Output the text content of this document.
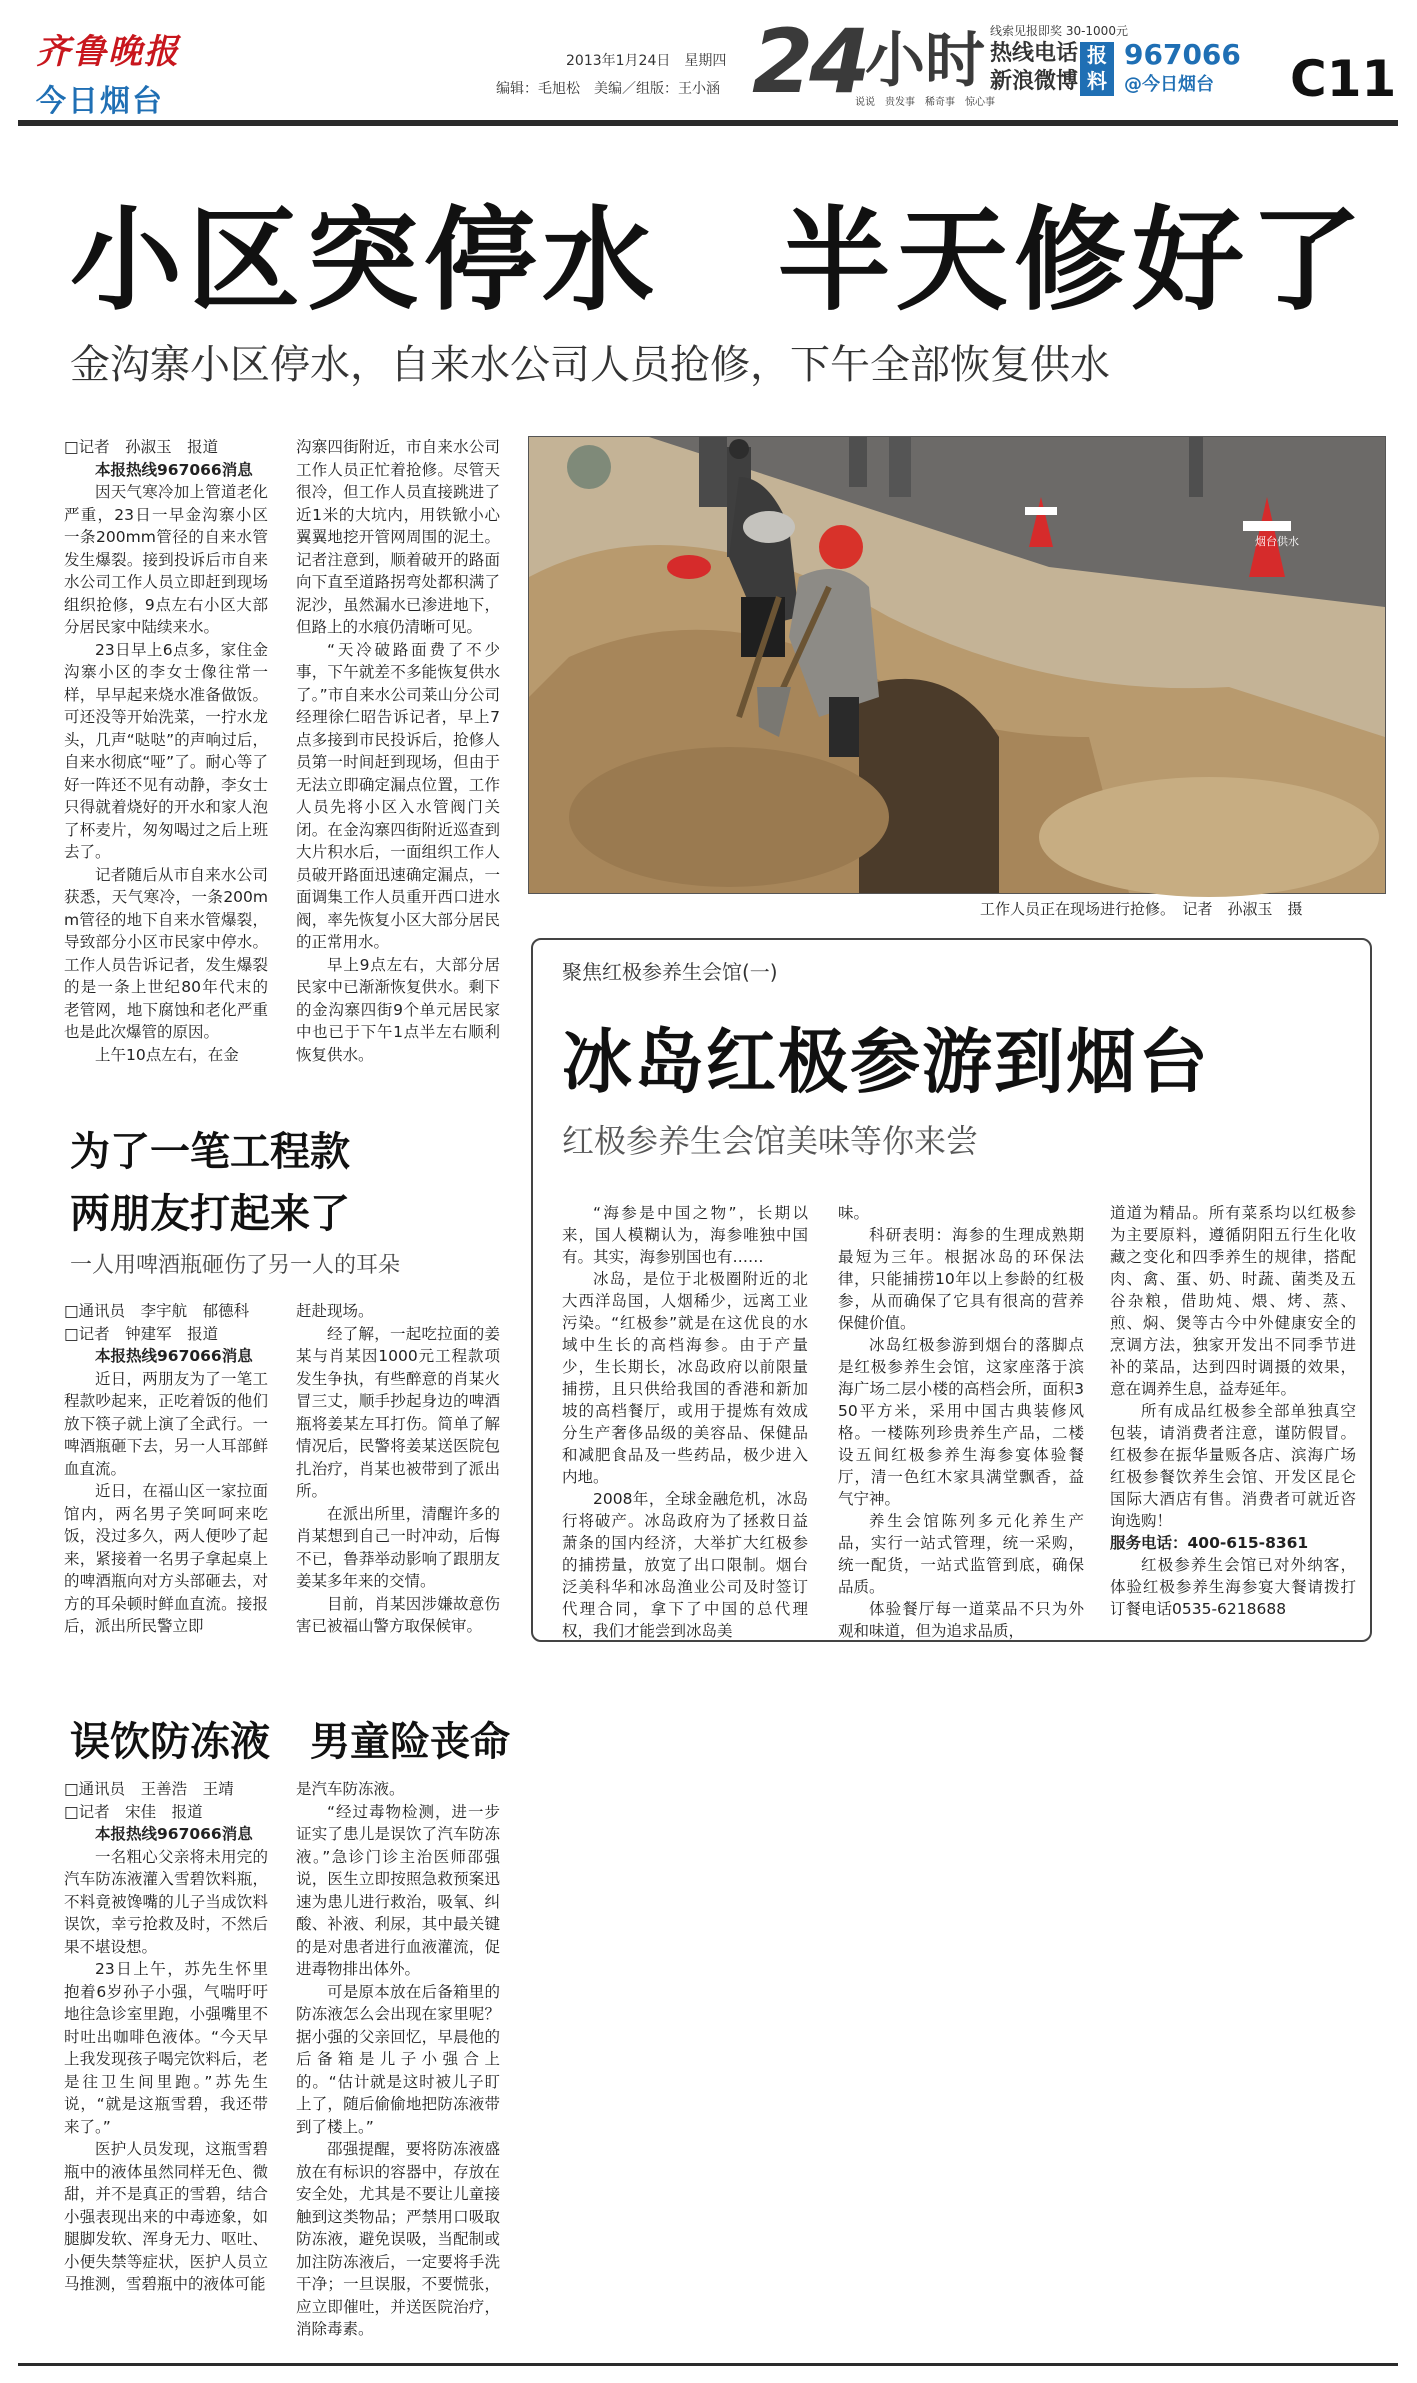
齐鲁晚报
今日烟台
2013年1月24日　星期四
编辑：毛旭松　美编／组版：王小涵 24
小时
说说　贵发事　稀奇事　惊心事
线索见报即奖 30-1000元
热线电话
新浪微博
报料
967066
@今日烟台 C11
小区突停水　半天修好了
金沟寨小区停水，自来水公司人员抢修，下午全部恢复供水

□记者　孙淑玉　报道

本报热线967066消息

因天气寒冷加上管道老化严重，23日一早金沟寨小区一条200mm管径的自来水管发生爆裂。接到投诉后市自来水公司工作人员立即赶到现场组织抢修，9点左右小区大部分居民家中陆续来水。

23日早上6点多，家住金沟寨小区的李女士像往常一样，早早起来烧水准备做饭。可还没等开始洗菜，一拧水龙头，几声“哒哒”的声响过后，自来水彻底“哑”了。耐心等了好一阵还不见有动静，李女士只得就着烧好的开水和家人泡了杯麦片，匆匆喝过之后上班去了。

记者随后从市自来水公司获悉，天气寒冷，一条200mm管径的地下自来水管爆裂，导致部分小区市民家中停水。工作人员告诉记者，发生爆裂的是一条上世纪80年代末的老管网，地下腐蚀和老化严重也是此次爆管的原因。

上午10点左右，在金

沟寨四街附近，市自来水公司工作人员正忙着抢修。尽管天很冷，但工作人员直接跳进了近1米的大坑内，用铁锨小心翼翼地挖开管网周围的泥土。记者注意到，顺着破开的路面向下直至道路拐弯处都积满了泥沙，虽然漏水已渗进地下，但路上的水痕仍清晰可见。

“天冷破路面费了不少事，下午就差不多能恢复供水了。”市自来水公司莱山分公司经理徐仁昭告诉记者，早上7点多接到市民投诉后，抢修人员第一时间赶到现场，但由于无法立即确定漏点位置，工作人员先将小区入水管阀门关闭。在金沟寨四街附近巡查到大片积水后，一面组织工作人员破开路面迅速确定漏点，一面调集工作人员重开西口进水阀，率先恢复小区大部分居民的正常用水。

早上9点左右，大部分居民家中已渐渐恢复供水。剩下的金沟寨四街9个单元居民家中也已于下午1点半左右顺利恢复供水。

烟台供水
工作人员正在现场进行抢修。　记者　孙淑玉　摄
为了一笔工程款
两朋友打起来了
一人用啤酒瓶砸伤了另一人的耳朵

□通讯员　李宇航　郁德科

□记者　钟建军　报道

本报热线967066消息

近日，两朋友为了一笔工程款吵起来，正吃着饭的他们放下筷子就上演了全武行。一啤酒瓶砸下去，另一人耳部鲜血直流。

近日，在福山区一家拉面馆内，两名男子笑呵呵来吃饭，没过多久，两人便吵了起来，紧接着一名男子拿起桌上的啤酒瓶向对方头部砸去，对方的耳朵顿时鲜血直流。接报后，派出所民警立即

赶赴现场。

经了解，一起吃拉面的姜某与肖某因1000元工程款项发生争执，有些醉意的肖某火冒三丈，顺手抄起身边的啤酒瓶将姜某左耳打伤。简单了解情况后，民警将姜某送医院包扎治疗，肖某也被带到了派出所。

在派出所里，清醒许多的肖某想到自己一时冲动，后悔不已，鲁莽举动影响了跟朋友姜某多年来的交情。

目前，肖某因涉嫌故意伤害已被福山警方取保候审。

误饮防冻液　男童险丧命

□通讯员　王善浩　王靖

□记者　宋佳　报道

本报热线967066消息

一名粗心父亲将未用完的汽车防冻液灌入雪碧饮料瓶，不料竟被馋嘴的儿子当成饮料误饮，幸亏抢救及时，不然后果不堪设想。

23日上午，苏先生怀里抱着6岁孙子小强，气喘吁吁地往急诊室里跑，小强嘴里不时吐出咖啡色液体。“今天早上我发现孩子喝完饮料后，老是往卫生间里跑。”苏先生说，“就是这瓶雪碧，我还带来了。”

医护人员发现，这瓶雪碧瓶中的液体虽然同样无色、微甜，并不是真正的雪碧，结合小强表现出来的中毒迹象，如腿脚发软、浑身无力、呕吐、小便失禁等症状，医护人员立马推测，雪碧瓶中的液体可能

是汽车防冻液。

“经过毒物检测，进一步证实了患儿是误饮了汽车防冻液。”急诊门诊主治医师邵强说，医生立即按照急救预案迅速为患儿进行救治，吸氧、纠酸、补液、利尿，其中最关键的是对患者进行血液灌流，促进毒物排出体外。

可是原本放在后备箱里的防冻液怎么会出现在家里呢？据小强的父亲回忆，早晨他的后备箱是儿子小强合上的。“估计就是这时被儿子盯上了，随后偷偷地把防冻液带到了楼上。”

邵强提醒，要将防冻液盛放在有标识的容器中，存放在安全处，尤其是不要让儿童接触到这类物品；严禁用口吸取防冻液，避免误吸，当配制或加注防冻液后，一定要将手洗干净；一旦误服，不要慌张，应立即催吐，并送医院治疗，消除毒素。

聚焦红极参养生会馆(一)
冰岛红极参游到烟台
红极参养生会馆美味等你来尝

“海参是中国之物”，长期以来，国人模糊认为，海参唯独中国有。其实，海参别国也有……

冰岛，是位于北极圈附近的北大西洋岛国，人烟稀少，远离工业污染。“红极参”就是在这优良的水域中生长的高档海参。由于产量少，生长期长，冰岛政府以前限量捕捞，且只供给我国的香港和新加坡的高档餐厅，或用于提炼有效成分生产奢侈品级的美容品、保健品和减肥食品及一些药品，极少进入内地。

2008年，全球金融危机，冰岛行将破产。冰岛政府为了拯救日益萧条的国内经济，大举扩大红极参的捕捞量，放宽了出口限制。烟台泛美科华和冰岛渔业公司及时签订代理合同，拿下了中国的总代理权，我们才能尝到冰岛美

味。

科研表明：海参的生理成熟期最短为三年。根据冰岛的环保法律，只能捕捞10年以上参龄的红极参，从而确保了它具有很高的营养保健价值。

冰岛红极参游到烟台的落脚点是红极参养生会馆，这家座落于滨海广场二层小楼的高档会所，面积350平方米，采用中国古典装修风格。一楼陈列珍贵养生产品，二楼设五间红极参养生海参宴体验餐厅，清一色红木家具满堂飘香，益气宁神。

养生会馆陈列多元化养生产品，实行一站式管理，统一采购，统一配货，一站式监管到底，确保品质。

体验餐厅每一道菜品不只为外观和味道，但为追求品质，

道道为精品。所有菜系均以红极参为主要原料，遵循阴阳五行生化收藏之变化和四季养生的规律，搭配肉、禽、蛋、奶、时蔬、菌类及五谷杂粮，借助炖、煨、烤、蒸、煎、焖、煲等古今中外健康安全的烹调方法，独家开发出不同季节进补的菜品，达到四时调摄的效果，意在调养生息，益寿延年。

所有成品红极参全部单独真空包装，请消费者注意，谨防假冒。红极参在振华量贩各店、滨海广场红极参餐饮养生会馆、开发区昆仑国际大酒店有售。消费者可就近咨询选购！

服务电话：400-615-8361

红极参养生会馆已对外纳客，体验红极参养生海参宴大餐请拨打订餐电话0535-6218688
